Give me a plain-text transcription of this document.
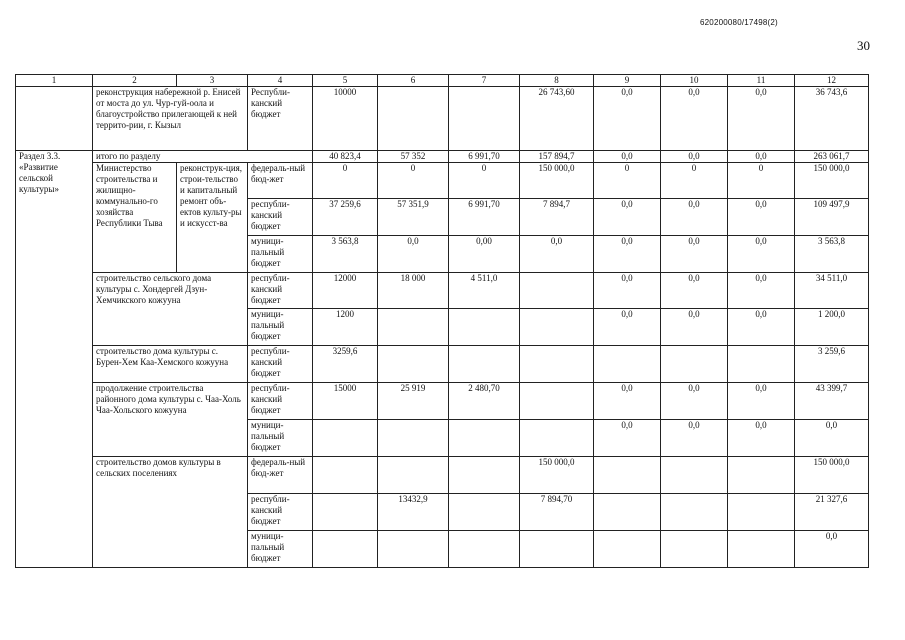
620200080/17498(2)
30
1	2	3	4	5	6	7	8	9	10	11	12
	реконструкция набережной р. Енисей от моста до ул. Чур-гуй-оола и благоустройство прилегающей к ней террито-рии, г. Кызыл		Республи-канский бюджет	10000			26 743,60	0,0	0,0	0,0	36 743,6
Раздел 3.3. «Развитие сельской культуры»	итого по разделу			40 823,4	57 352	6 991,70	157 894,7	0,0	0,0	0,0	263 061,7
	Министерство строительства и жилищно-коммунально-го хозяйства Республики Тыва	реконструк-ция, строи-тельство и капитальный ремонт объ-ектов культу-ры и искусст-ва	федераль-ный бюд-жет	0	0	0	150 000,0	0	0	0	150 000,0
			республи-канский бюджет	37 259,6	57 351,9	6 991,70	7 894,7	0,0	0,0	0,0	109 497,9
			муници-пальный бюджет	3 563,8	0,0	0,00	0,0	0,0	0,0	0,0	3 563,8
	строительство сельского дома культуры с. Хондергей Дзун-Хемчикского кожууна		республи-канский бюджет	12000	18 000	4 511,0		0,0	0,0	0,0	34 511,0
			муници-пальный бюджет	1200				0,0	0,0	0,0	1 200,0
	строительство дома культуры с. Бурен-Хем Каа-Хемского кожууна		республи-канский бюджет	3259,6							3 259,6
	продолжение строительства районного дома культуры с. Чаа-Холь Чаа-Хольского кожууна		республи-канский бюджет	15000	25 919	2 480,70		0,0	0,0	0,0	43 399,7
			муници-пальный бюджет					0,0	0,0	0,0	0,0
	строительство домов культуры в сельских поселениях		федераль-ный бюд-жет				150 000,0				150 000,0
			республи-канский бюджет		13432,9		7 894,70				21 327,6
			муници-пальный бюджет								0,0
